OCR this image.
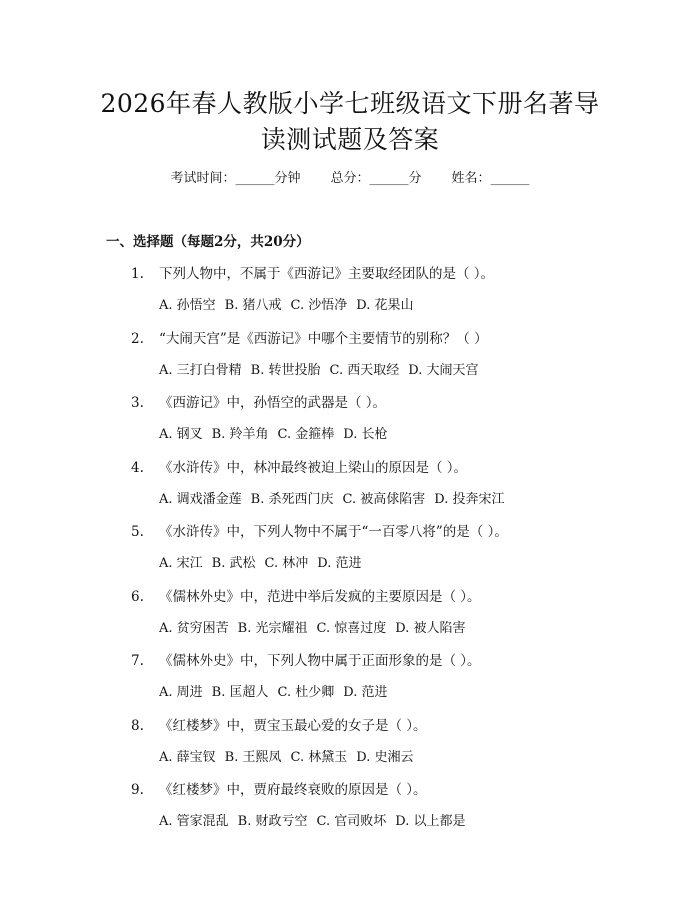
2026年春人教版小学七班级语文下册名著导
读测试题及答案
考试时间：______分钟 总分：______分 姓名：______
一、选择题（每题2分，共20分）
1. 下列人物中，不属于《西游记》主要取经团队的是（ ）。
A. 孙悟空 B. 猪八戒 C. 沙悟净 D. 花果山
2. “大闹天宫”是《西游记》中哪个主要情节的别称？（ ）
A. 三打白骨精 B. 转世投胎 C. 西天取经 D. 大闹天宫
3. 《西游记》中，孙悟空的武器是（ ）。
A. 钢叉 B. 羚羊角 C. 金箍棒 D. 长枪
4. 《水浒传》中，林冲最终被迫上梁山的原因是（ ）。
A. 调戏潘金莲 B. 杀死西门庆 C. 被高俅陷害 D. 投奔宋江
5. 《水浒传》中，下列人物中不属于“一百零八将”的是（ ）。
A. 宋江 B. 武松 C. 林冲 D. 范进
6. 《儒林外史》中，范进中举后发疯的主要原因是（ ）。
A. 贫穷困苦 B. 光宗耀祖 C. 惊喜过度 D. 被人陷害
7. 《儒林外史》中，下列人物中属于正面形象的是（ ）。
A. 周进 B. 匡超人 C. 杜少卿 D. 范进
8. 《红楼梦》中，贾宝玉最心爱的女子是（ ）。
A. 薛宝钗 B. 王熙凤 C. 林黛玉 D. 史湘云
9. 《红楼梦》中，贾府最终衰败的原因是（ ）。
A. 管家混乱 B. 财政亏空 C. 官司败坏 D. 以上都是
